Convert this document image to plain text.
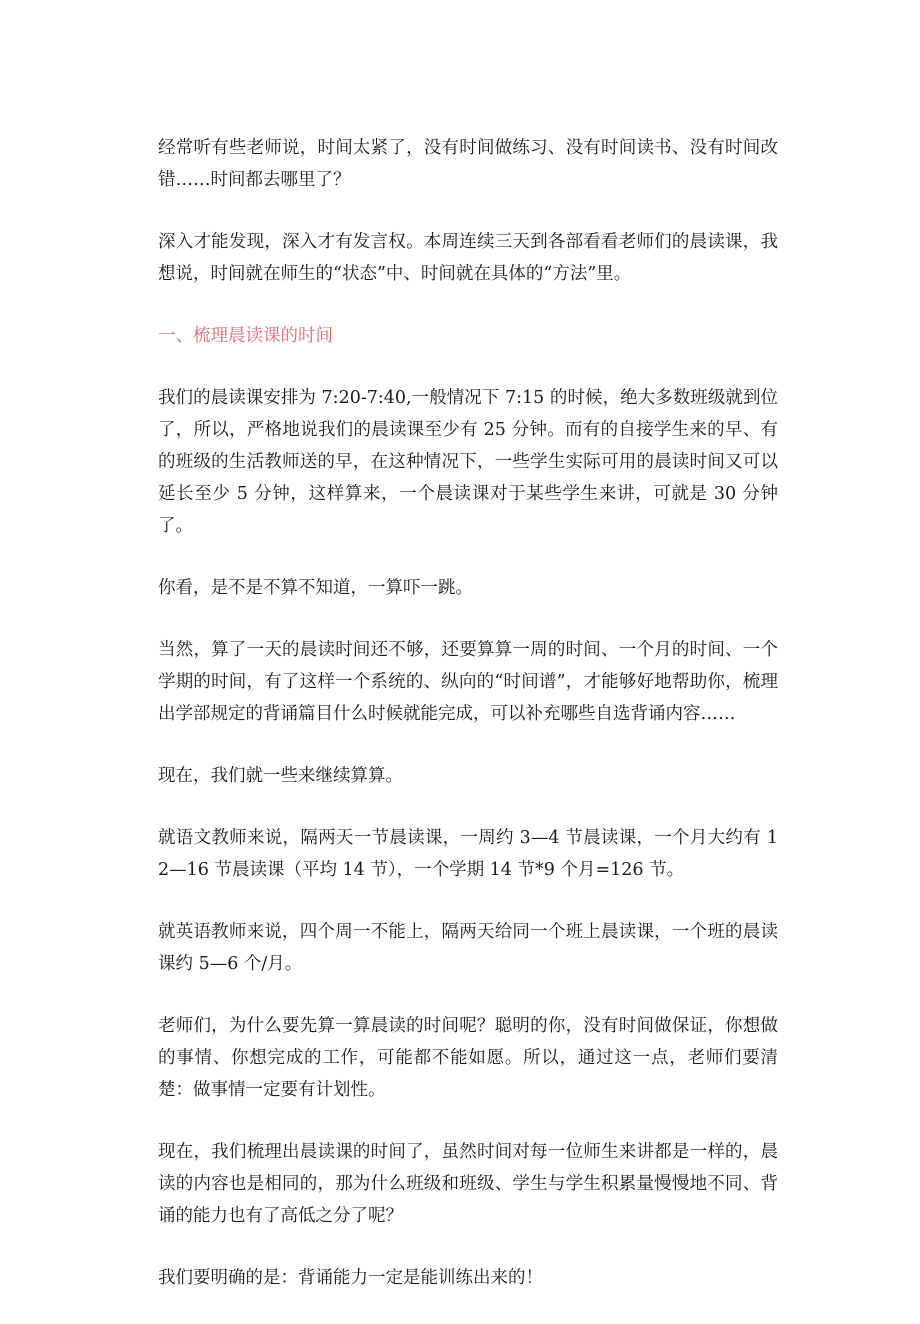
经常听有些老师说，时间太紧了，没有时间做练习、没有时间读书、没有时间改错……时间都去哪里了？

深入才能发现，深入才有发言权。本周连续三天到各部看看老师们的晨读课，我想说，时间就在师生的“状态”中、时间就在具体的“方法”里。

一、梳理晨读课的时间

我们的晨读课安排为 7:20-7:40,一般情况下 7:15 的时候，绝大多数班级就到位了，所以，严格地说我们的晨读课至少有 25 分钟。而有的自接学生来的早、有的班级的生活教师送的早，在这种情况下，一些学生实际可用的晨读时间又可以延长至少 5 分钟，这样算来，一个晨读课对于某些学生来讲，可就是 30 分钟了。

你看，是不是不算不知道，一算吓一跳。

当然，算了一天的晨读时间还不够，还要算算一周的时间、一个月的时间、一个学期的时间，有了这样一个系统的、纵向的“时间谱”，才能够好地帮助你，梳理出学部规定的背诵篇目什么时候就能完成，可以补充哪些自选背诵内容……

现在，我们就一些来继续算算。

就语文教师来说，隔两天一节晨读课，一周约 3—4 节晨读课，一个月大约有 12—16 节晨读课（平均 14 节），一个学期 14 节*9 个月=126 节。

就英语教师来说，四个周一不能上，隔两天给同一个班上晨读课，一个班的晨读课约 5—6 个/月。

老师们，为什么要先算一算晨读的时间呢？聪明的你，没有时间做保证，你想做的事情、你想完成的工作，可能都不能如愿。所以，通过这一点，老师们要清楚：做事情一定要有计划性。

现在，我们梳理出晨读课的时间了，虽然时间对每一位师生来讲都是一样的，晨读的内容也是相同的，那为什么班级和班级、学生与学生积累量慢慢地不同、背诵的能力也有了高低之分了呢？

我们要明确的是：背诵能力一定是能训练出来的！
